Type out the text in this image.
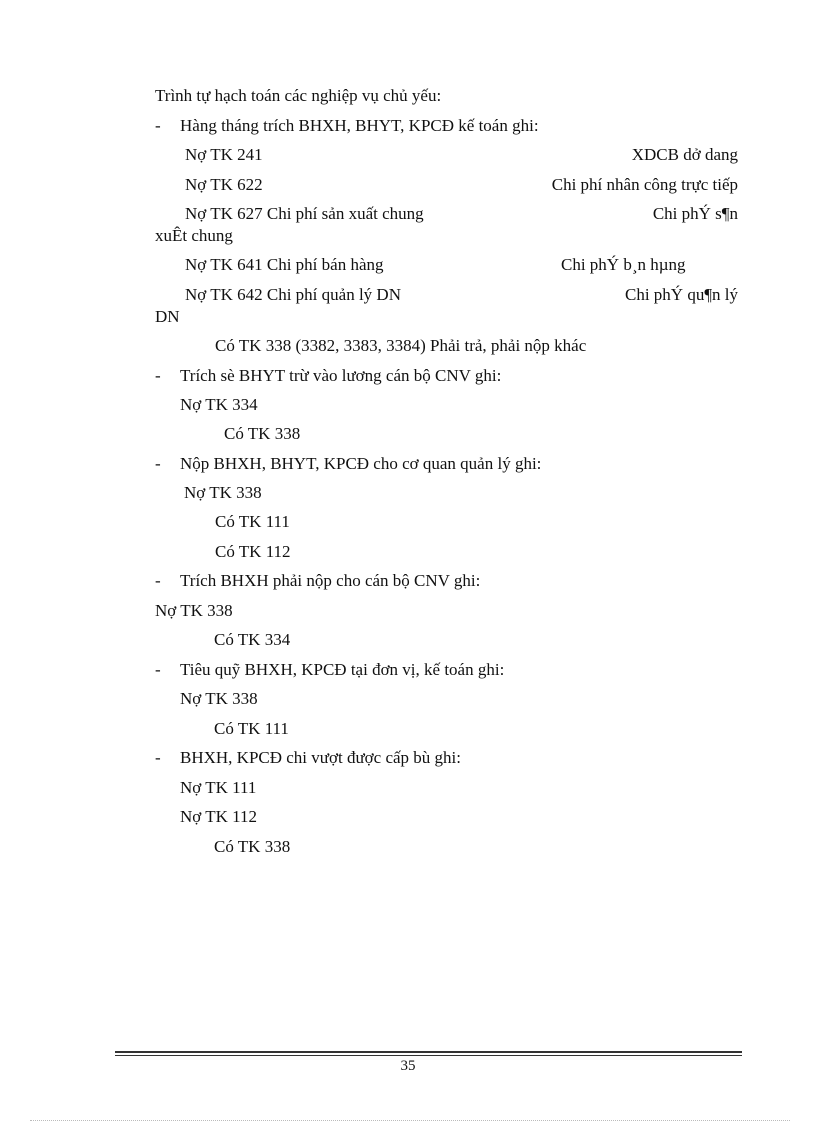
Trình tự hạch toán các nghiệp vụ chủ yếu:
- Hàng tháng trích BHXH, BHYT, KPCĐ kế toán ghi:
Nợ TK 241	XDCB dở dang
Nợ TK 622	Chi phí nhân công trực tiếp
Nợ TK 627 Chi phí sản xuất chung	Chi phÝ s¶n
xuÊt chung
Nợ TK 641 Chi phí bán hàng	Chi phÝ b¸n hµng
Nợ TK 642 Chi phí quản lý DN	Chi phÝ qu¶n lý
DN
Có TK 338 (3382, 3383, 3384) Phải trả, phải nộp khác
- Trích sè BHYT trừ vào lương cán bộ CNV ghi:
Nợ TK 334
Có TK 338
- Nộp BHXH, BHYT, KPCĐ cho cơ quan quản lý ghi:
Nợ TK 338
Có TK 111
Có TK 112
- Trích BHXH phải nộp cho cán bộ CNV ghi:
Nợ TK 338
Có TK 334
- Tiêu quỹ BHXH, KPCĐ tại đơn vị, kế toán ghi:
Nợ TK 338
Có TK 111
- BHXH, KPCĐ chi vượt được cấp bù ghi:
Nợ TK 111
Nợ TK 112
Có TK 338
35
